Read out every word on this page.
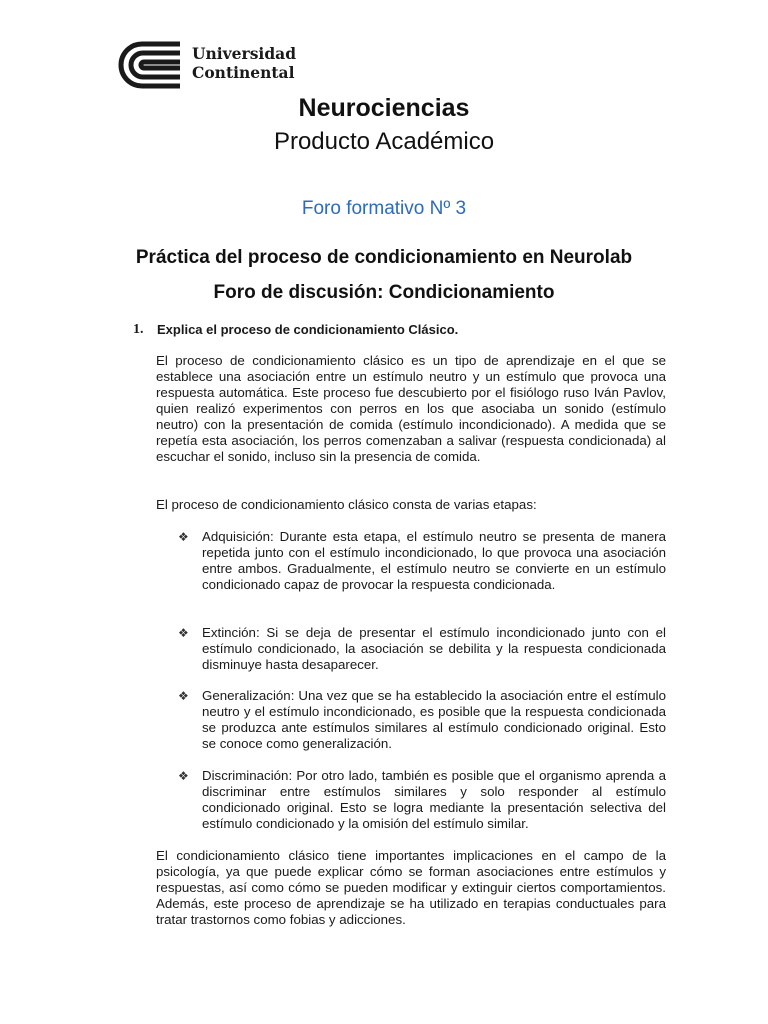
Universidad
Continental
Neurociencias
Producto Académico
Foro formativo Nº 3
Práctica del proceso de condicionamiento en Neurolab
Foro de discusión: Condicionamiento
1. Explica el proceso de condicionamiento Clásico.

El proceso de condicionamiento clásico es un tipo de aprendizaje en el que se establece una asociación entre un estímulo neutro y un estímulo que provoca una respuesta automática. Este proceso fue descubierto por el fisiólogo ruso Iván Pavlov, quien realizó experimentos con perros en los que asociaba un sonido (estímulo neutro) con la presentación de comida (estímulo incondicionado). A medida que se repetía esta asociación, los perros comenzaban a salivar (respuesta condicionada) al escuchar el sonido, incluso sin la presencia de comida.

El proceso de condicionamiento clásico consta de varias etapas:

❖ Adquisición: Durante esta etapa, el estímulo neutro se presenta de manera repetida junto con el estímulo incondicionado, lo que provoca una asociación entre ambos. Gradualmente, el estímulo neutro se convierte en un estímulo condicionado capaz de provocar la respuesta condicionada.

❖ Extinción: Si se deja de presentar el estímulo incondicionado junto con el estímulo condicionado, la asociación se debilita y la respuesta condicionada disminuye hasta desaparecer.

❖ Generalización: Una vez que se ha establecido la asociación entre el estímulo neutro y el estímulo incondicionado, es posible que la respuesta condicionada se produzca ante estímulos similares al estímulo condicionado original. Esto se conoce como generalización.

❖ Discriminación: Por otro lado, también es posible que el organismo aprenda a discriminar entre estímulos similares y solo responder al estímulo condicionado original. Esto se logra mediante la presentación selectiva del estímulo condicionado y la omisión del estímulo similar.

El condicionamiento clásico tiene importantes implicaciones en el campo de la psicología, ya que puede explicar cómo se forman asociaciones entre estímulos y respuestas, así como cómo se pueden modificar y extinguir ciertos comportamientos. Además, este proceso de aprendizaje se ha utilizado en terapias conductuales para tratar trastornos como fobias y adicciones.
